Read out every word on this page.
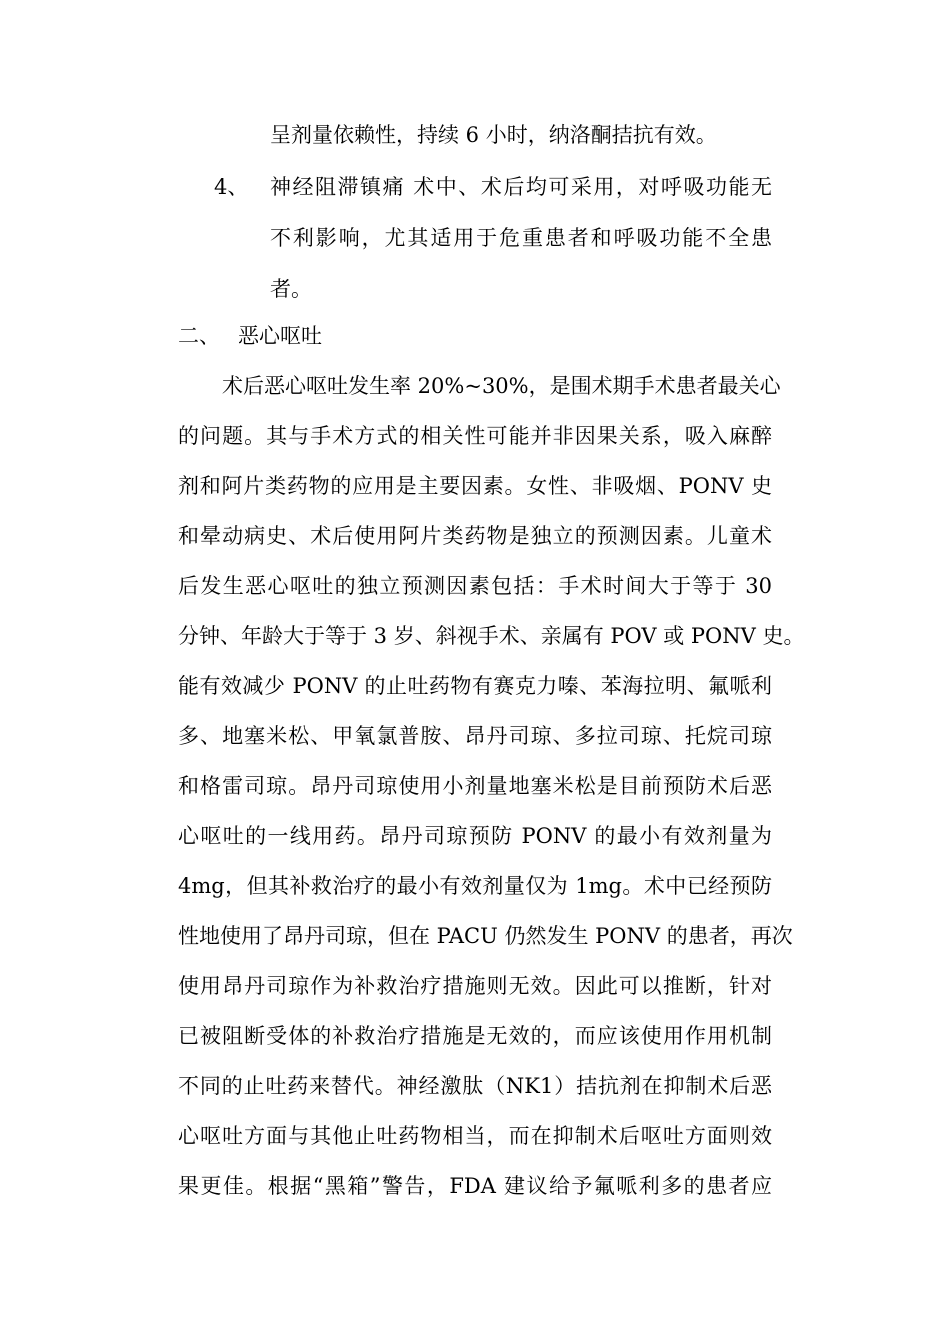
呈剂量依赖性，持续 6 小时，纳洛酮拮抗有效。
4、 神经阻滞镇痛 术中、术后均可采用，对呼吸功能无
不利影响，尤其适用于危重患者和呼吸功能不全患
者。
二、 恶心呕吐
术后恶心呕吐发生率 20%~30%，是围术期手术患者最关心
的问题。其与手术方式的相关性可能并非因果关系，吸入麻醉
剂和阿片类药物的应用是主要因素。女性、非吸烟、PONV 史
和晕动病史、术后使用阿片类药物是独立的预测因素。儿童术
后发生恶心呕吐的独立预测因素包括：手术时间大于等于 30
分钟、年龄大于等于 3 岁、斜视手术、亲属有 POV 或 PONV 史。
能有效减少 PONV 的止吐药物有赛克力嗪、苯海拉明、氟哌利
多、地塞米松、甲氧氯普胺、昂丹司琼、多拉司琼、托烷司琼
和格雷司琼。昂丹司琼使用小剂量地塞米松是目前预防术后恶
心呕吐的一线用药。昂丹司琼预防 PONV 的最小有效剂量为
4mg，但其补救治疗的最小有效剂量仅为 1mg。术中已经预防
性地使用了昂丹司琼，但在 PACU 仍然发生 PONV 的患者，再次
使用昂丹司琼作为补救治疗措施则无效。因此可以推断，针对
已被阻断受体的补救治疗措施是无效的，而应该使用作用机制
不同的止吐药来替代。神经激肽（NK1）拮抗剂在抑制术后恶
心呕吐方面与其他止吐药物相当，而在抑制术后呕吐方面则效
果更佳。根据“黑箱”警告，FDA 建议给予氟哌利多的患者应
